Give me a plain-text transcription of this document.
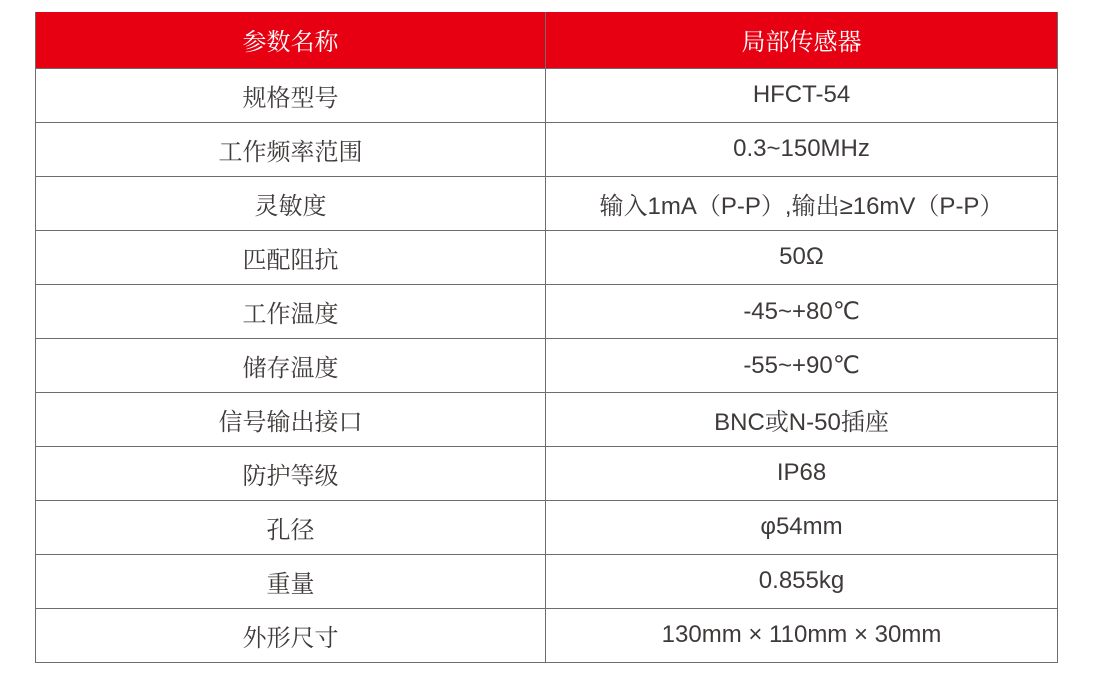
参数名称	局部传感器
规格型号	HFCT-54
工作频率范围	0.3~150MHz
灵敏度	输入1mA（P-P）,输出≥16mV（P-P）
匹配阻抗	50Ω
工作温度	-45~+80℃
储存温度	-55~+90℃
信号输出接口	BNC或N-50插座
防护等级	IP68
孔径	φ54mm
重量	0.855kg
外形尺寸	130mm × 110mm × 30mm
